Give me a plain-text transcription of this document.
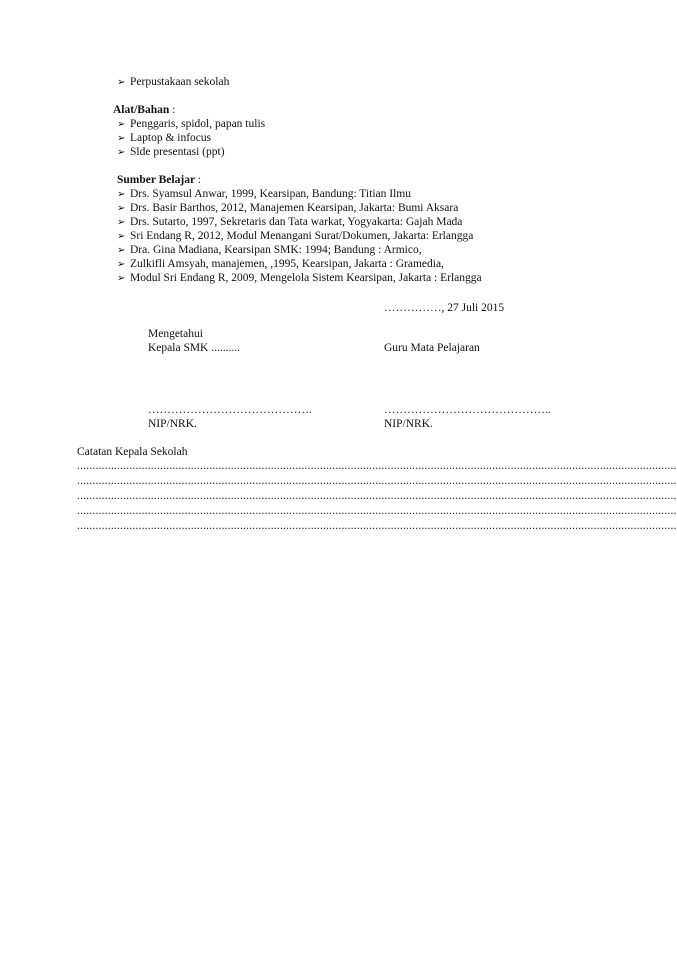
➢ Perpustakaan sekolah
Alat/Bahan :
➢ Penggaris, spidol, papan tulis
➢ Laptop & infocus
➢ Slde presentasi (ppt)
Sumber Belajar :
➢ Drs. Syamsul Anwar, 1999, Kearsipan, Bandung: Titian Ilmu
➢ Drs. Basir Barthos, 2012, Manajemen Kearsipan, Jakarta: Bumi Aksara
➢ Drs. Sutarto, 1997, Sekretaris dan Tata warkat, Yogyakarta: Gajah Mada
➢ Sri Endang R, 2012, Modul Menangani Surat/Dokumen, Jakarta: Erlangga
➢ Dra. Gina Madiana, Kearsipan SMK: 1994; Bandung : Armico,
➢ Zulkifli Amsyah, manajemen, ,1995, Kearsipan, Jakarta : Gramedia,
➢ Modul Sri Endang R, 2009, Mengelola Sistem Kearsipan, Jakarta : Erlangga
……………, 27 Juli 2015
Mengetahui
Kepala SMK ..........	Guru Mata Pelajaran
…………………………………….	……………………………………..
NIP/NRK.	NIP/NRK.
Catatan Kepala Sekolah
...................................................................................................................................................................................................
...................................................................................................................................................................................................
...................................................................................................................................................................................................
...................................................................................................................................................................................................
...................................................................................................................................................................................................
